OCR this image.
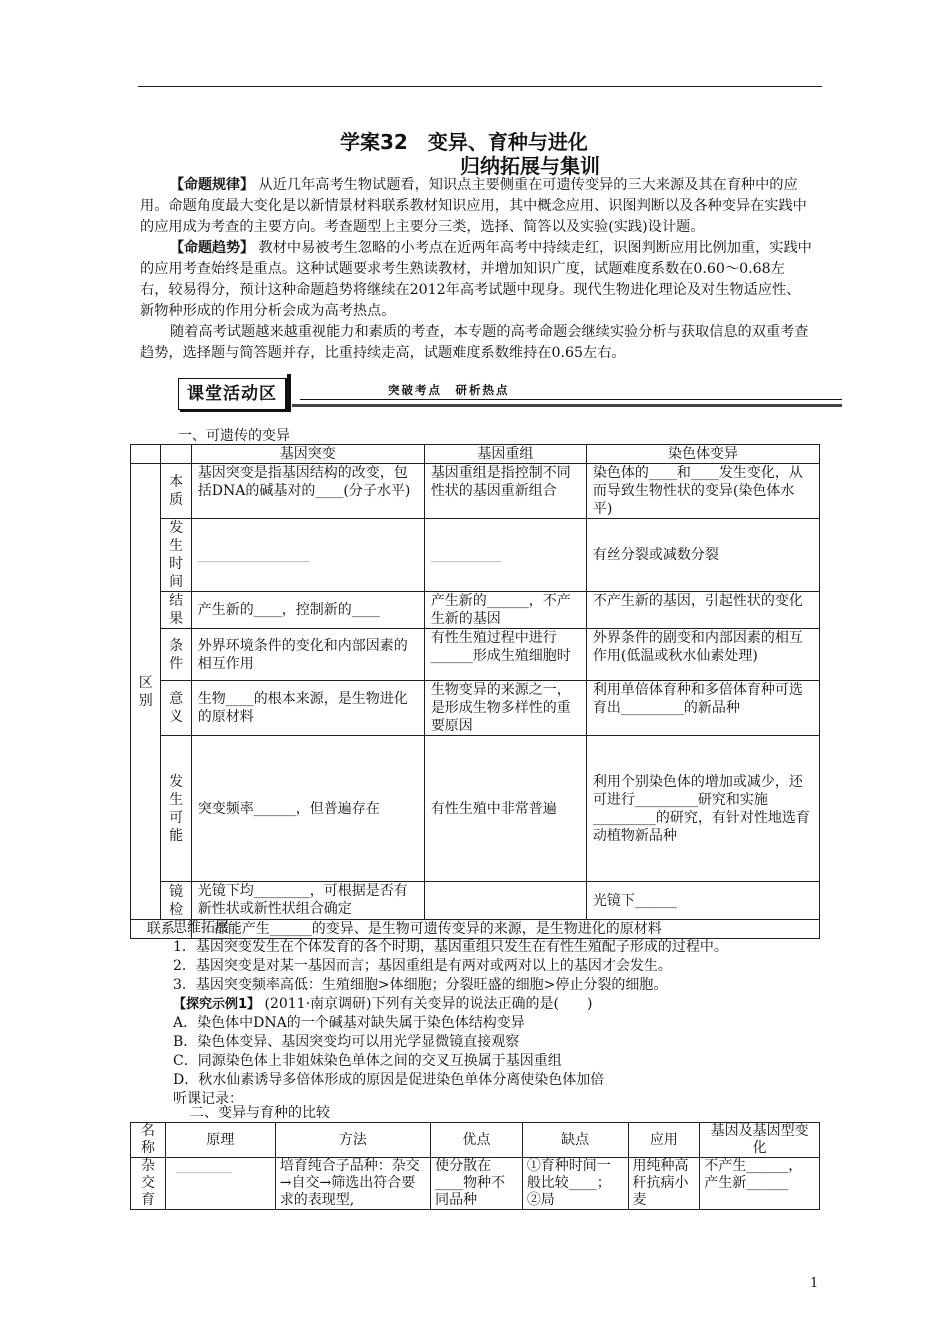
学案32　变异、育种与进化
归纳拓展与集训

【命题规律】 从近几年高考生物试题看，知识点主要侧重在可遗传变异的三大来源及其在育种中的应用。命题角度最大变化是以新情景材料联系教材知识应用，其中概念应用、识图判断以及各种变异在实践中的应用成为考查的主要方向。考查题型上主要分三类，选择、简答以及实验(实践)设计题。

【命题趋势】 教材中易被考生忽略的小考点在近两年高考中持续走红，识图判断应用比例加重，实践中的应用考查始终是重点。这种试题要求考生熟读教材，并增加知识广度，试题难度系数在0.60～0.68左右，较易得分，预计这种命题趋势将继续在2012年高考试题中现身。现代生物进化理论及对生物适应性、新物种形成的作用分析会成为高考热点。

随着高考试题越来越重视能力和素质的考查，本专题的高考命题会继续实验分析与获取信息的双重考查趋势，选择题与简答题并存，比重持续走高，试题难度系数维持在0.65左右。

课堂活动区	突破考点　研析热点
一、可遗传的变异
		基因突变	基因重组	染色体变异
区别	本质	基因突变是指基因结构的改变，包括DNA的碱基对的____(分子水平)	基因重组是指控制不同性状的基因重新组合	染色体的____和____发生变化，从而导致生物性状的变异(染色体水平)
	发生时间	________________	__________	有丝分裂或减数分裂
	结果	产生新的____，控制新的____	产生新的______，不产生新的基因	不产生新的基因，引起性状的变化
	条件	外界环境条件的变化和内部因素的相互作用	有性生殖过程中进行______形成生殖细胞时	外界条件的剧变和内部因素的相互作用(低温或秋水仙素处理)
	意义	生物____的根本来源，是生物进化的原材料	生物变异的来源之一，是形成生物多样性的重要原因	利用单倍体育种和多倍体育种可选育出_________的新品种
	发生可能	突变频率______，但普遍存在	有性生殖中非常普遍	利用个别染色体的增加或减少，还可进行_________研究和实施_________的研究，有针对性地选育动植物新品种
	镜检	光镜下均________，可根据是否有新性状或新性状组合确定		光镜下______
联系		都能产生______的变异、是生物可遗传变异的来源，是生物进化的原材料		
思维拓展
1．基因突变发生在个体发育的各个时期，基因重组只发生在有性生殖配子形成的过程中。
2．基因突变是对某一基因而言；基因重组是有两对或两对以上的基因才会发生。
3．基因突变频率高低：生殖细胞>体细胞；分裂旺盛的细胞>停止分裂的细胞。
【探究示例1】 (2011·南京调研)下列有关变异的说法正确的是(　　)
A．染色体中DNA的一个碱基对缺失属于染色体结构变异
B．染色体变异、基因突变均可以用光学显微镜直接观察
C．同源染色体上非姐妹染色单体之间的交叉互换属于基因重组
D．秋水仙素诱导多倍体形成的原因是促进染色单体分离使染色体加倍
听课记录：
二、变异与育种的比较
名称	原理	方法	优点	缺点	应用	基因及基因型变化
杂交育	________	培育纯合子品种：杂交→自交→筛选出符合要求的表现型,	使分散在____物种不同品种	①育种时间一般比较____；②局	用纯种高秆抗病小麦	不产生______，产生新______
1
